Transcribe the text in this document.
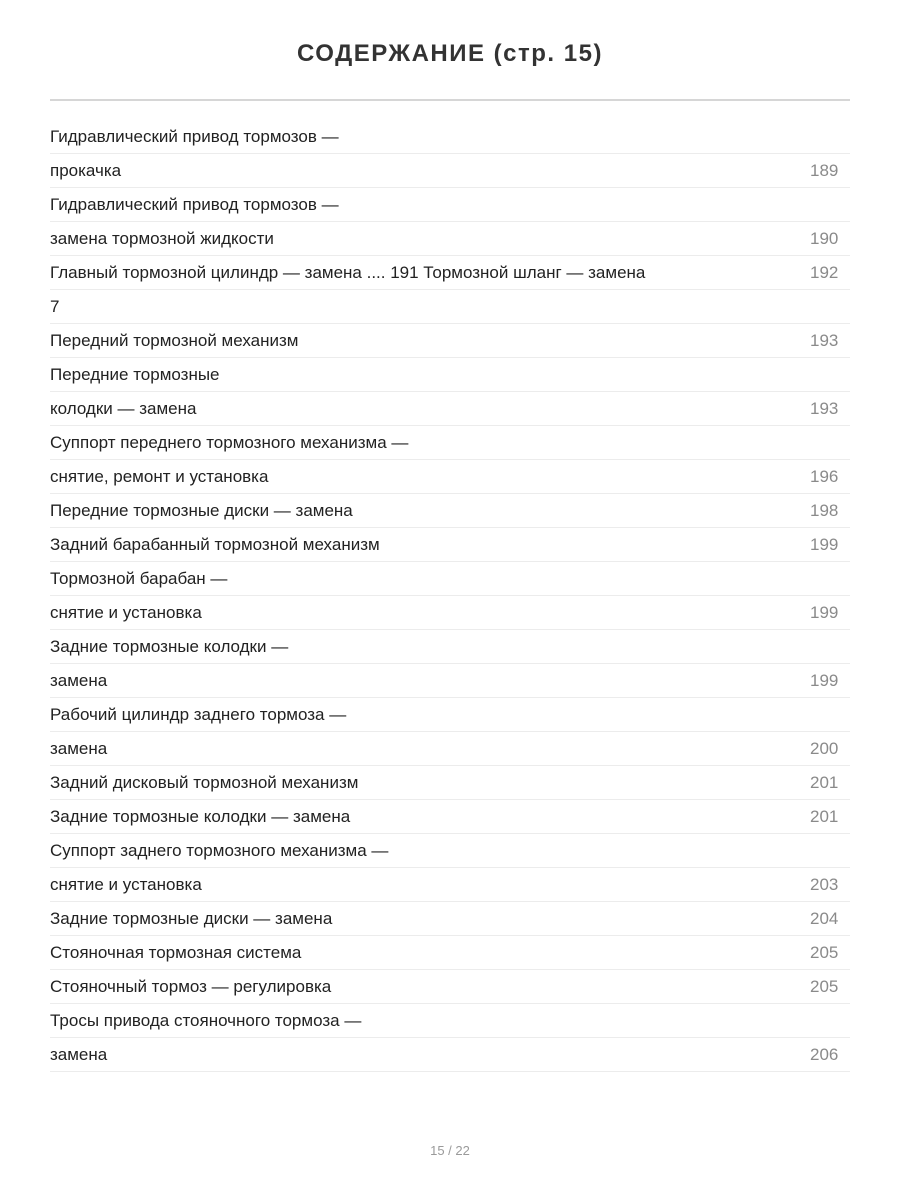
СОДЕРЖАНИЕ (стр. 15)
Гидравлический привод тормозов —
прокачка	189
Гидравлический привод тормозов —
замена тормозной жидкости	190
Главный тормозной цилиндр — замена .... 191 Тормозной шланг — замена	192
7
Передний тормозной механизм	193
Передние тормозные
колодки — замена	193
Суппорт переднего тормозного механизма —
снятие, ремонт и установка	196
Передние тормозные диски — замена	198
Задний барабанный тормозной механизм	199
Тормозной барабан —
снятие и установка	199
Задние тормозные колодки —
замена	199
Рабочий цилиндр заднего тормоза —
замена	200
Задний дисковый тормозной механизм	201
Задние тормозные колодки — замена	201
Суппорт заднего тормозного механизма —
снятие и установка	203
Задние тормозные диски — замена	204
Стояночная тормозная система	205
Стояночный тормоз — регулировка	205
Тросы привода стояночного тормоза —
замена	206
15 / 22
